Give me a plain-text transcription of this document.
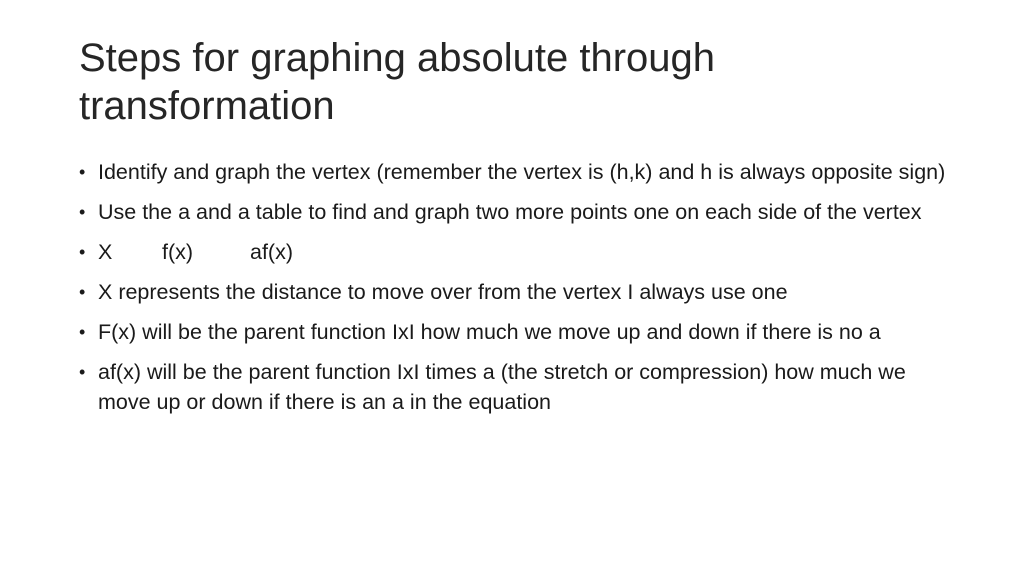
Steps for graphing absolute through transformation
• Identify and graph the vertex (remember the vertex is (h,k) and h is always opposite sign)
• Use the a and a table to find and graph two more points one on each side of the vertex
• X f(x)	af(x)
• X represents the distance to move over from the vertex I always use one
• F(x) will be the parent function IxI how much we move up and down if there is no a
• af(x) will be the parent function IxI times a (the stretch or compression) how much we move up or down if there is an a in the equation
